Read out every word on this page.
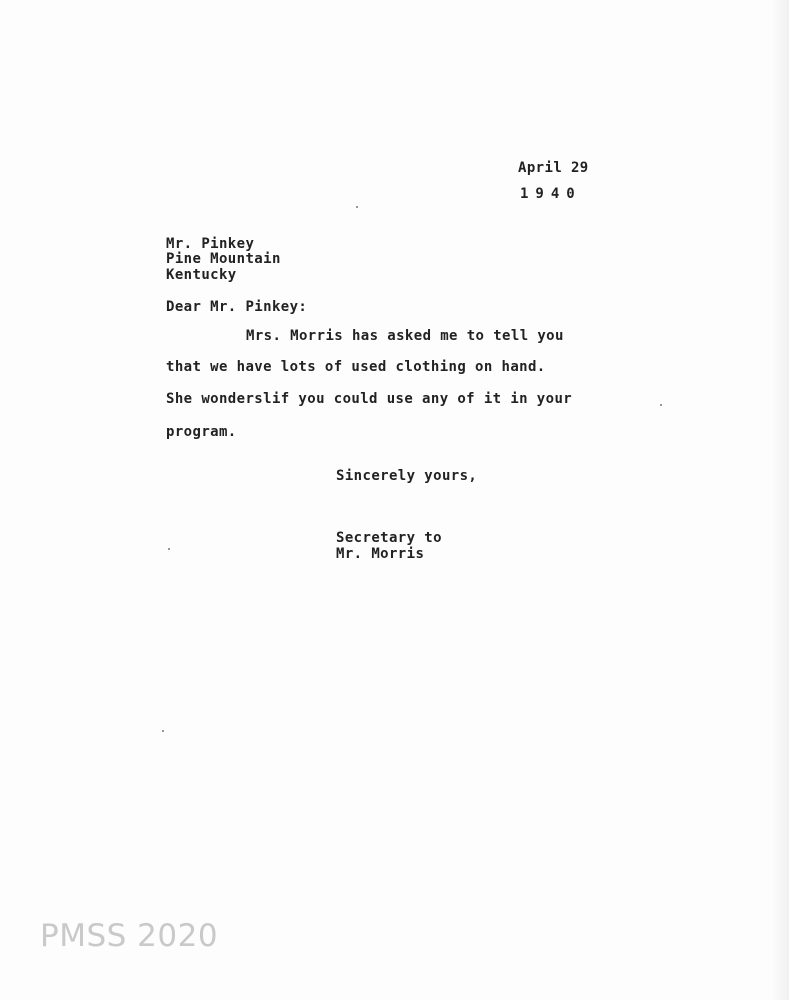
April 29
1940
Mr. Pinkey
Pine Mountain
Kentucky
Dear Mr. Pinkey:
Mrs. Morris has asked me to tell you
that we have lots of used clothing on hand.
She wonderslif you could use any of it in your
program.
Sincerely yours,
Secretary to
Mr. Morris
PMSS 2020
